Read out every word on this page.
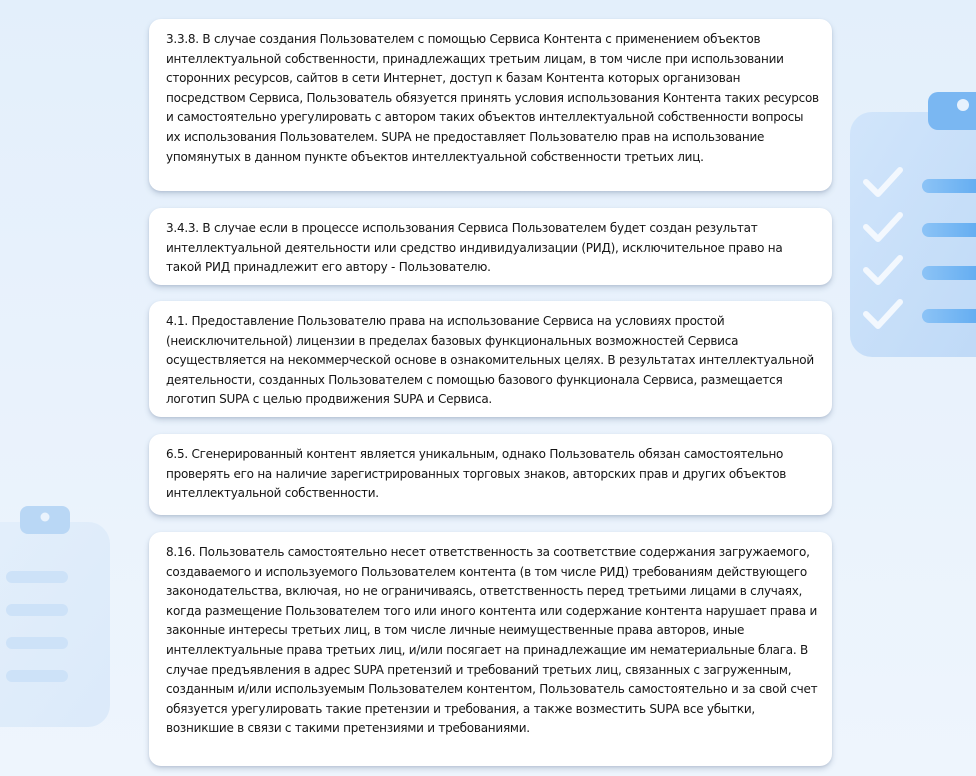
3.3.8. В случае создания Пользователем с помощью Сервиса Контента с применением объектов интеллектуальной собственности, принадлежащих третьим лицам, в том числе при использовании сторонних ресурсов, сайтов в сети Интернет, доступ к базам Контента которых организован посредством Сервиса, Пользователь обязуется принять условия использования Контента таких ресурсов и самостоятельно урегулировать с автором таких объектов интеллектуальной собственности вопросы их использования Пользователем. SUPA не предоставляет Пользователю прав на использование упомянутых в данном пункте объектов интеллектуальной собственности третьих лиц.

3.4.3. В случае если в процессе использования Сервиса Пользователем будет создан результат интеллектуальной деятельности или средство индивидуализации (РИД), исключительное право на такой РИД принадлежит его автору - Пользователю.

4.1. Предоставление Пользователю права на использование Сервиса на условиях простой (неисключительной) лицензии в пределах базовых функциональных возможностей Сервиса осуществляется на некоммерческой основе в ознакомительных целях. В результатах интеллектуальной деятельности, созданных Пользователем с помощью базового функционала Сервиса, размещается логотип SUPA с целью продвижения SUPA и Сервиса.

6.5. Сгенерированный контент является уникальным, однако Пользователь обязан самостоятельно проверять его на наличие зарегистрированных торговых знаков, авторских прав и других объектов интеллектуальной собственности.

8.16. Пользователь самостоятельно несет ответственность за соответствие содержания загружаемого, создаваемого и используемого Пользователем контента (в том числе РИД) требованиям действующего законодательства, включая, но не ограничиваясь, ответственность перед третьими лицами в случаях, когда размещение Пользователем того или иного контента или содержание контента нарушает права и законные интересы третьих лиц, в том числе личные неимущественные права авторов, иные интеллектуальные права третьих лиц, и/или посягает на принадлежащие им нематериальные блага. В случае предъявления в адрес SUPA претензий и требований третьих лиц, связанных с загруженным, созданным и/или используемым Пользователем контентом, Пользователь самостоятельно и за свой счет обязуется урегулировать такие претензии и требования, а также возместить SUPA все убытки, возникшие в связи с такими претензиями и требованиями.
